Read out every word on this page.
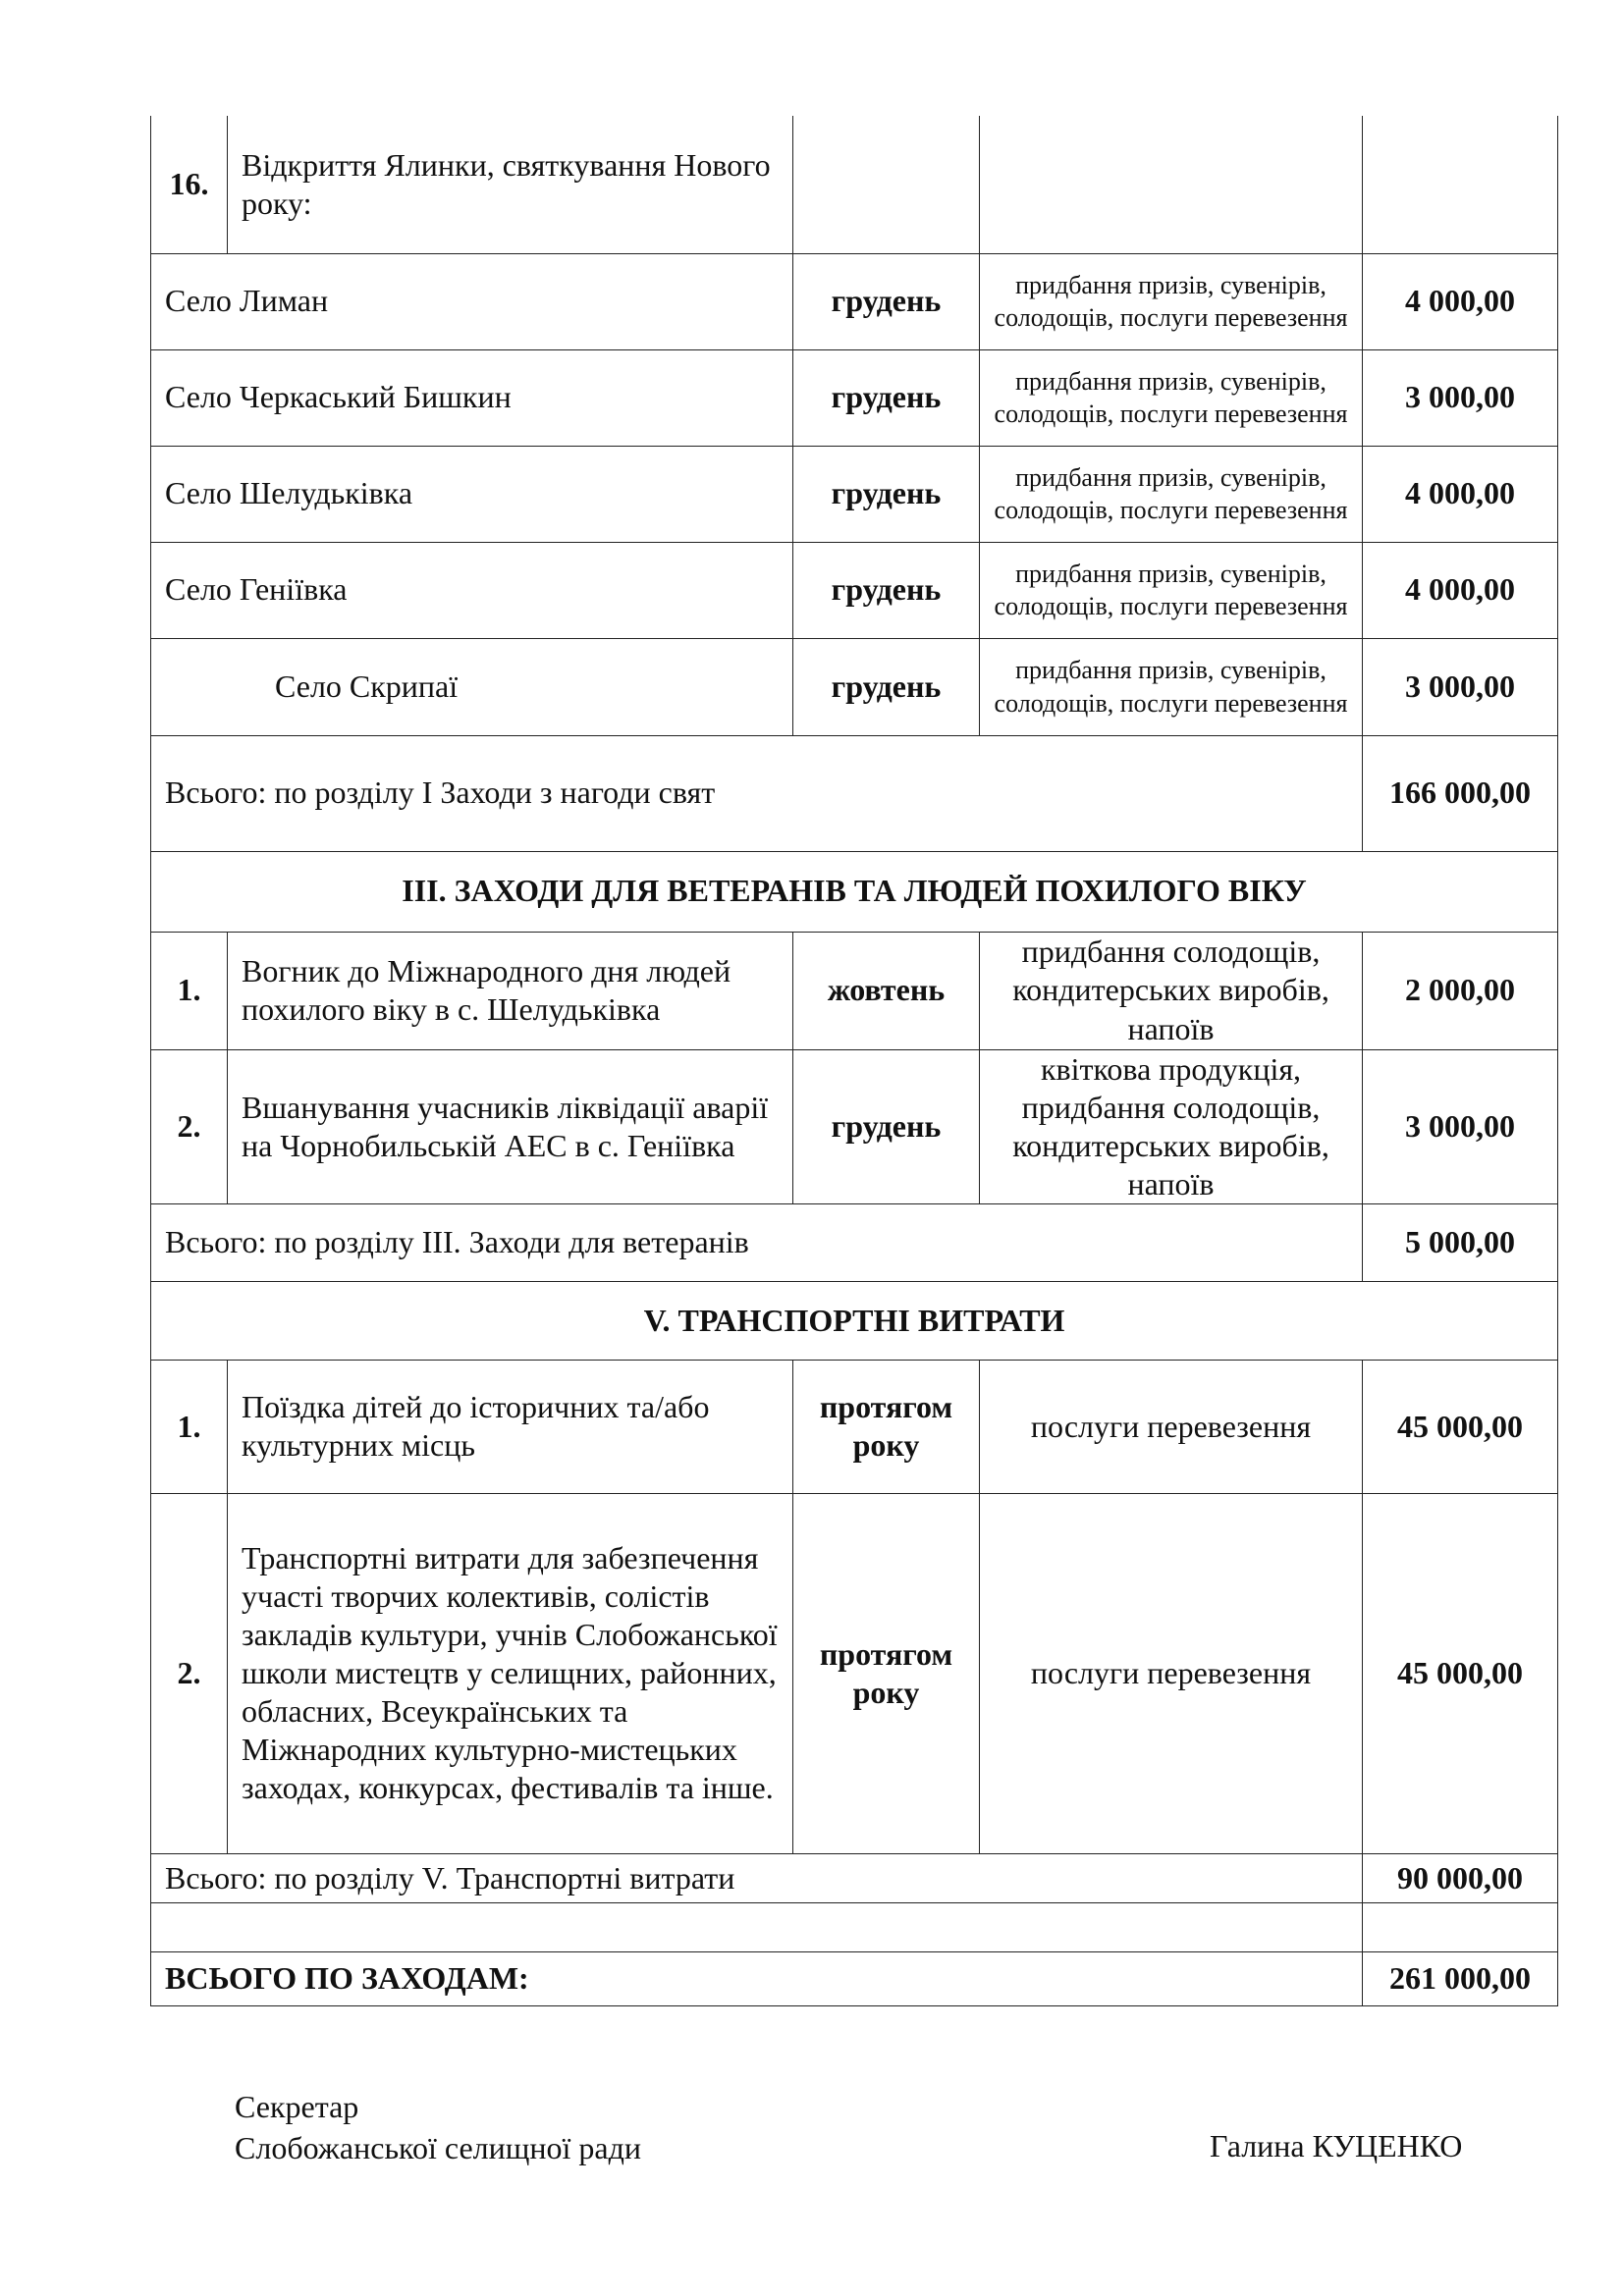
16.	Відкриття Ялинки, святкування Нового року:			
Село Лиман		грудень	придбання призів, сувенірів, солодощів, послуги перевезення	4 000,00
Село Черкаський Бишкин		грудень	придбання призів, сувенірів, солодощів, послуги перевезення	3 000,00
Село Шелудьківка		грудень	придбання призів, сувенірів, солодощів, послуги перевезення	4 000,00
Село Геніївка		грудень	придбання призів, сувенірів, солодощів, послуги перевезення	4 000,00
Село Скрипаї		грудень	придбання призів, сувенірів, солодощів, послуги перевезення	3 000,00
Всього: по розділу І Заходи з нагоди свят				166 000,00
ІІІ. ЗАХОДИ ДЛЯ ВЕТЕРАНІВ ТА ЛЮДЕЙ ПОХИЛОГО ВІКУ				
1.	Вогник до Міжнародного дня людей похилого віку в с. Шелудьківка	жовтень	придбання солодощів, кондитерських виробів, напоїв	2 000,00
2.	Вшанування учасників ліквідації аварії на Чорнобильській АЕС в с. Геніївка	грудень	квіткова продукція, придбання солодощів, кондитерських виробів, напоїв	3 000,00
Всього: по розділу ІІІ. Заходи для ветеранів				5 000,00
V. ТРАНСПОРТНІ ВИТРАТИ				
1.	Поїздка дітей до історичних та/або культурних місць	протягом року	послуги перевезення	45 000,00
2.	Транспортні витрати для забезпечення участі творчих колективів, солістів закладів культури, учнів Слобожанської школи мистецтв у селищних, районних, обласних, Всеукраїнських та Міжнародних культурно-мистецьких заходах, конкурсах, фестивалів та інше.	протягом року	послуги перевезення	45 000,00
Всього: по розділу V. Транспортні витрати				90 000,00

ВСЬОГО ПО ЗАХОДАМ:				261 000,00
Секретар
Слобожанської селищної ради	Галина КУЦЕНКО
